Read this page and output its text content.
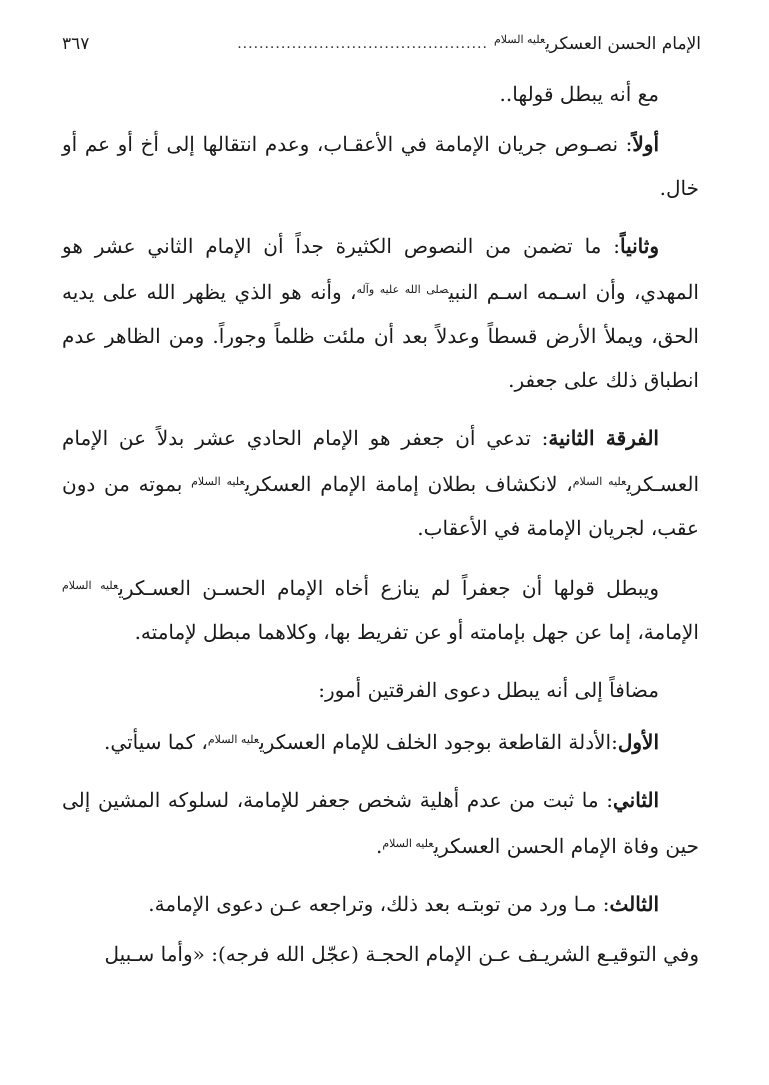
الإمام الحسن العسكري$^{عليه السلام}$
..............................................
٣٦٧

مع أنه يبطل قولها..

أولاً: نصـوص جريان الإمامة في الأعقـاب، وعدم انتقالها إلى أخ أو عم أو خال.

وثانياً: ما تضمن من النصوص الكثيرة جداً أن الإمام الثاني عشر هو المهدي، وأن اسـمه اسـم النبي$^{صلى الله عليه وآله}$، وأنه هو الذي يظهر الله على يديه الحق، ويملأ الأرض قسطاً وعدلاً بعد أن ملئت ظلماً وجوراً. ومن الظاهر عدم انطباق ذلك على جعفر.

الفرقة الثانية: تدعي أن جعفر هو الإمام الحادي عشر بدلاً عن الإمام العسـكري$^{عليه السلام}$، لانكشاف بطلان إمامة الإمام العسكري$^{عليه السلام}$ بموته من دون عقب، لجريان الإمامة في الأعقاب.

ويبطل قولها أن جعفراً لم ينازع أخاه الإمام الحسـن العسـكري$^{عليه السلام}$ الإمامة، إما عن جهل بإمامته أو عن تفريط بها، وكلاهما مبطل لإمامته.

مضافاً إلى أنه يبطل دعوى الفرقتين أمور:

الأول:الأدلة القاطعة بوجود الخلف للإمام العسكري$^{عليه السلام}$، كما سيأتي.

الثاني: ما ثبت من عدم أهلية شخص جعفر للإمامة، لسلوكه المشين إلى حين وفاة الإمام الحسن العسكري$^{عليه السلام}$.

الثالث: مـا ورد من توبتـه بعد ذلك، وتراجعه عـن دعوى الإمامة.

وفي التوقيـع الشريـف عـن الإمام الحجـة (عجّل الله فرجه): «وأما سـبيل
